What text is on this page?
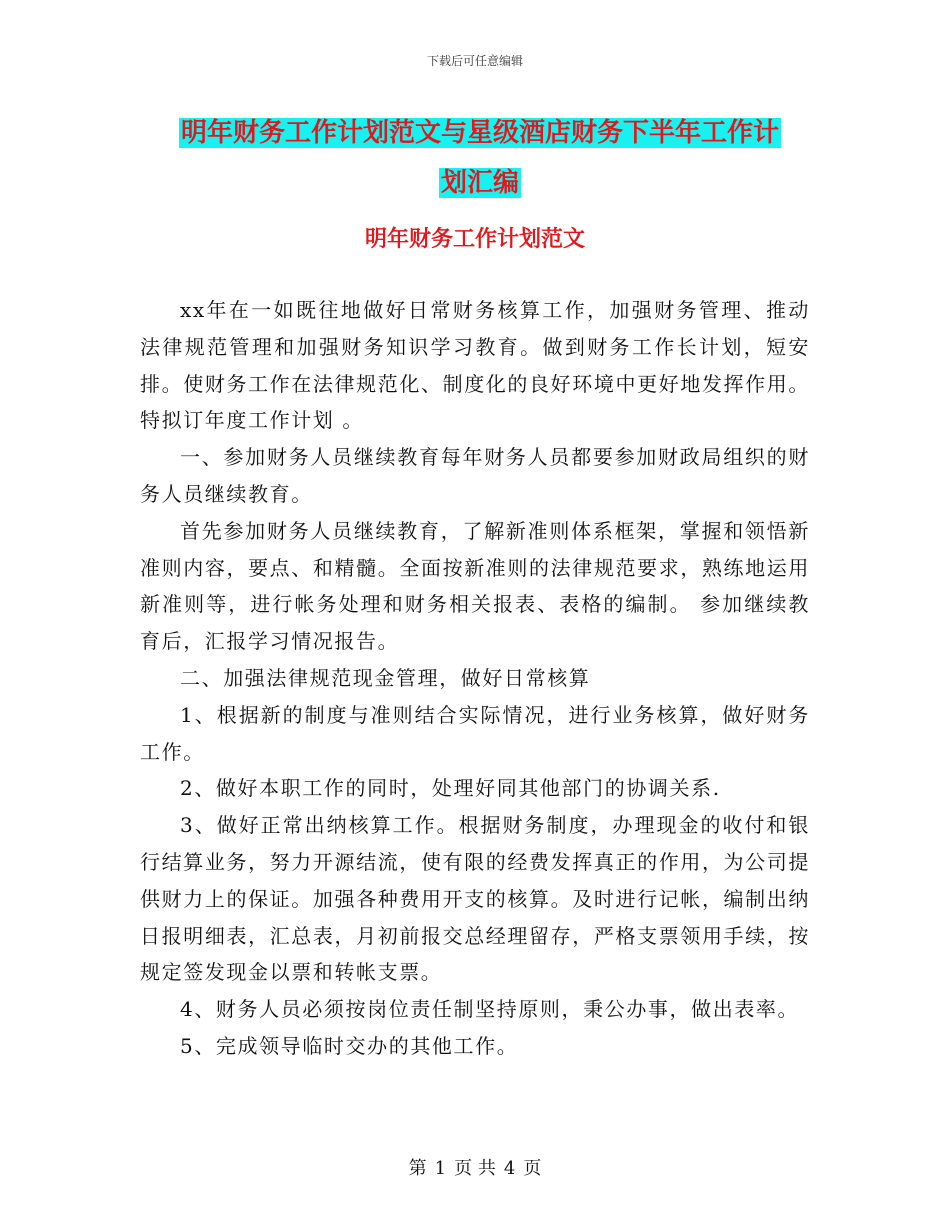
下载后可任意编辑
明年财务工作计划范文与星级酒店财务下半年工作计
划汇编
明年财务工作计划范文

xx年在一如既往地做好日常财务核算工作，加强财务管理、推动法律规范管理和加强财务知识学习教育。做到财务工作长计划，短安排。使财务工作在法律规范化、制度化的良好环境中更好地发挥作用。特拟订年度工作计划 。

一、参加财务人员继续教育每年财务人员都要参加财政局组织的财务人员继续教育。

首先参加财务人员继续教育，了解新准则体系框架，掌握和领悟新准则内容，要点、和精髓。全面按新准则的法律规范要求，熟练地运用新准则等，进行帐务处理和财务相关报表、表格的编制。 参加继续教育后，汇报学习情况报告。

二、加强法律规范现金管理，做好日常核算

1、根据新的制度与准则结合实际情况，进行业务核算，做好财务工作。

2、做好本职工作的同时，处理好同其他部门的协调关系.

3、做好正常出纳核算工作。根据财务制度，办理现金的收付和银行结算业务，努力开源结流，使有限的经费发挥真正的作用，为公司提供财力上的保证。加强各种费用开支的核算。及时进行记帐，编制出纳日报明细表，汇总表，月初前报交总经理留存，严格支票领用手续，按规定签发现金以票和转帐支票。

4、财务人员必须按岗位责任制坚持原则，秉公办事，做出表率。

5、完成领导临时交办的其他工作。

第 1 页 共 4 页
